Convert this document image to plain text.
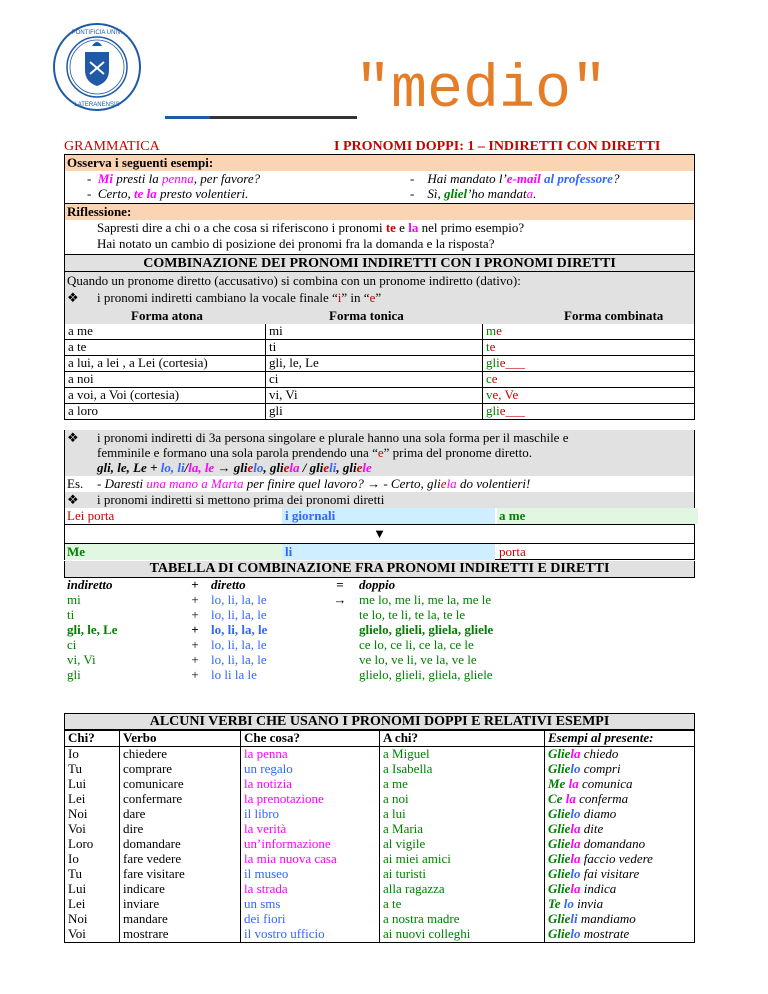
PONTIFICIA UNIV.
LATERANENSIS	"medio"
GRAMMATICA	I PRONOMI DOPPI: 1 – INDIRETTI CON DIRETTI
Osserva i seguenti esempi:
-  Mi presti la penna, per favore?
-  Certo, te la presto volentieri.
-    Hai mandato l’e-mail al professore?
-    Sì, gliel’ho mandata.
Riflessione:
Sapresti dire a chi o a che cosa si riferiscono i pronomi te e la nel primo esempio?
Hai notato un cambio di posizione dei pronomi fra la domanda e la risposta?
COMBINAZIONE DEI PRONOMI INDIRETTI CON I PRONOMI DIRETTI
Quando un pronome diretto (accusativo) si combina con un pronome indiretto (dativo):
❖ i pronomi indiretti cambiano la vocale finale “i” in “e”
Forma atona	Forma tonica	Forma combinata
a me	mi	me
a te	ti	te
a lui, a lei , a Lei (cortesia)	gli, le, Le	glie___
a noi	ci	ce
a voi, a Voi (cortesia)	vi, Vi	ve, Ve
a loro	gli	glie___
❖ i pronomi indiretti di 3a persona singolare e plurale hanno una sola forma per il maschile e
femminile e formano una sola parola prendendo una “e” prima del pronome diretto.
gli, le, Le + lo, li/la, le → glielo, gliela / glieli, gliele
Es. - Daresti una mano a Marta per finire quel lavoro? → - Certo, gliela do volentieri!
❖ i pronomi indiretti si mettono prima dei pronomi diretti
Lei porta	i giornali	a me
▼
Me	li	porta
TABELLA DI COMBINAZIONE FRA PRONOMI INDIRETTI E DIRETTI
indiretto	+	diretto	=	doppio
mi	+	lo, li, la, le	→	me lo, me li, me la, me le
ti	+	lo, li, la, le		te lo, te li, te la, te le
gli, le, Le	+	lo, li, la, le		glielo, glieli, gliela, gliele
ci	+	lo, li, la, le		ce lo, ce li, ce la, ce le
vi, Vi	+	lo, li, la, le		ve lo, ve li, ve la, ve le
gli	+	lo li la le		glielo, glieli, gliela, gliele
ALCUNI VERBI CHE USANO I PRONOMI DOPPI E RELATIVI ESEMPI
Chi?	Verbo	Che cosa?	A chi?	Esempi al presente:
Io	chiedere	la penna	a Miguel	Gliela chiedo
Tu	comprare	un regalo	a Isabella	Glielo compri
Lui	comunicare	la notizia	a me	Me la comunica
Lei	confermare	la prenotazione	a noi	Ce la conferma
Noi	dare	il libro	a lui	Glielo diamo
Voi	dire	la verità	a Maria	Gliela dite
Loro	domandare	un’informazione	al vigile	Gliela domandano
Io	fare vedere	la mia nuova casa	ai miei amici	Gliela faccio vedere
Tu	fare visitare	il museo	ai turisti	Glielo fai visitare
Lui	indicare	la strada	alla ragazza	Gliela indica
Lei	inviare	un sms	a te	Te lo invia
Noi	mandare	dei fiori	a nostra madre	Glieli mandiamo
Voi	mostrare	il vostro ufficio	ai nuovi colleghi	Glielo mostrate
